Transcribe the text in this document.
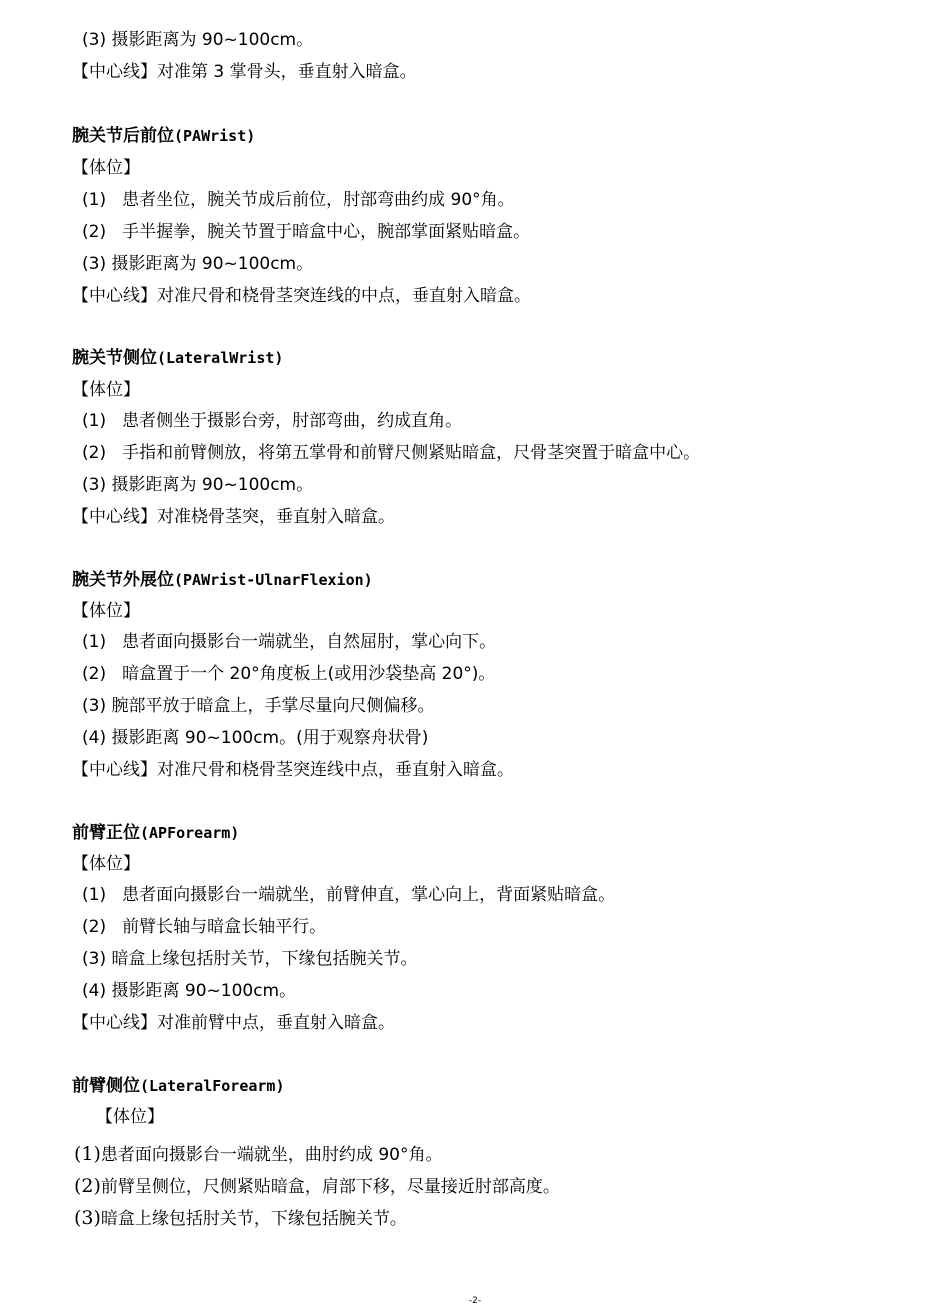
(3) 摄影距离为 90~100cm。
【中心线】对准第 3 掌骨头，垂直射入暗盒。
腕关节后前位(PAWrist)
【体位】
(1) 患者坐位，腕关节成后前位，肘部弯曲约成 90°角。
(2) 手半握拳，腕关节置于暗盒中心，腕部掌面紧贴暗盒。
(3) 摄影距离为 90~100cm。
【中心线】对准尺骨和桡骨茎突连线的中点，垂直射入暗盒。
腕关节侧位(LateralWrist)
【体位】
(1) 患者侧坐于摄影台旁，肘部弯曲，约成直角。
(2) 手指和前臂侧放，将第五掌骨和前臂尺侧紧贴暗盒，尺骨茎突置于暗盒中心。
(3) 摄影距离为 90~100cm。
【中心线】对准桡骨茎突，垂直射入暗盒。
腕关节外展位(PAWrist-UlnarFlexion)
【体位】
(1) 患者面向摄影台一端就坐，自然屈肘，掌心向下。
(2) 暗盒置于一个 20°角度板上(或用沙袋垫高 20°)。
(3) 腕部平放于暗盒上，手掌尽量向尺侧偏移。
(4) 摄影距离 90~100cm。(用于观察舟状骨)
【中心线】对准尺骨和桡骨茎突连线中点，垂直射入暗盒。
前臂正位(APForearm)
【体位】
(1) 患者面向摄影台一端就坐，前臂伸直，掌心向上，背面紧贴暗盒。
(2) 前臂长轴与暗盒长轴平行。
(3) 暗盒上缘包括肘关节，下缘包括腕关节。
(4) 摄影距离 90~100cm。
【中心线】对准前臂中点，垂直射入暗盒。
前臂侧位(LateralForearm)
【体位】
(1)患者面向摄影台一端就坐，曲肘约成 90°角。
(2)前臂呈侧位，尺侧紧贴暗盒，肩部下移，尽量接近肘部高度。
(3)暗盒上缘包括肘关节，下缘包括腕关节。
-2-
